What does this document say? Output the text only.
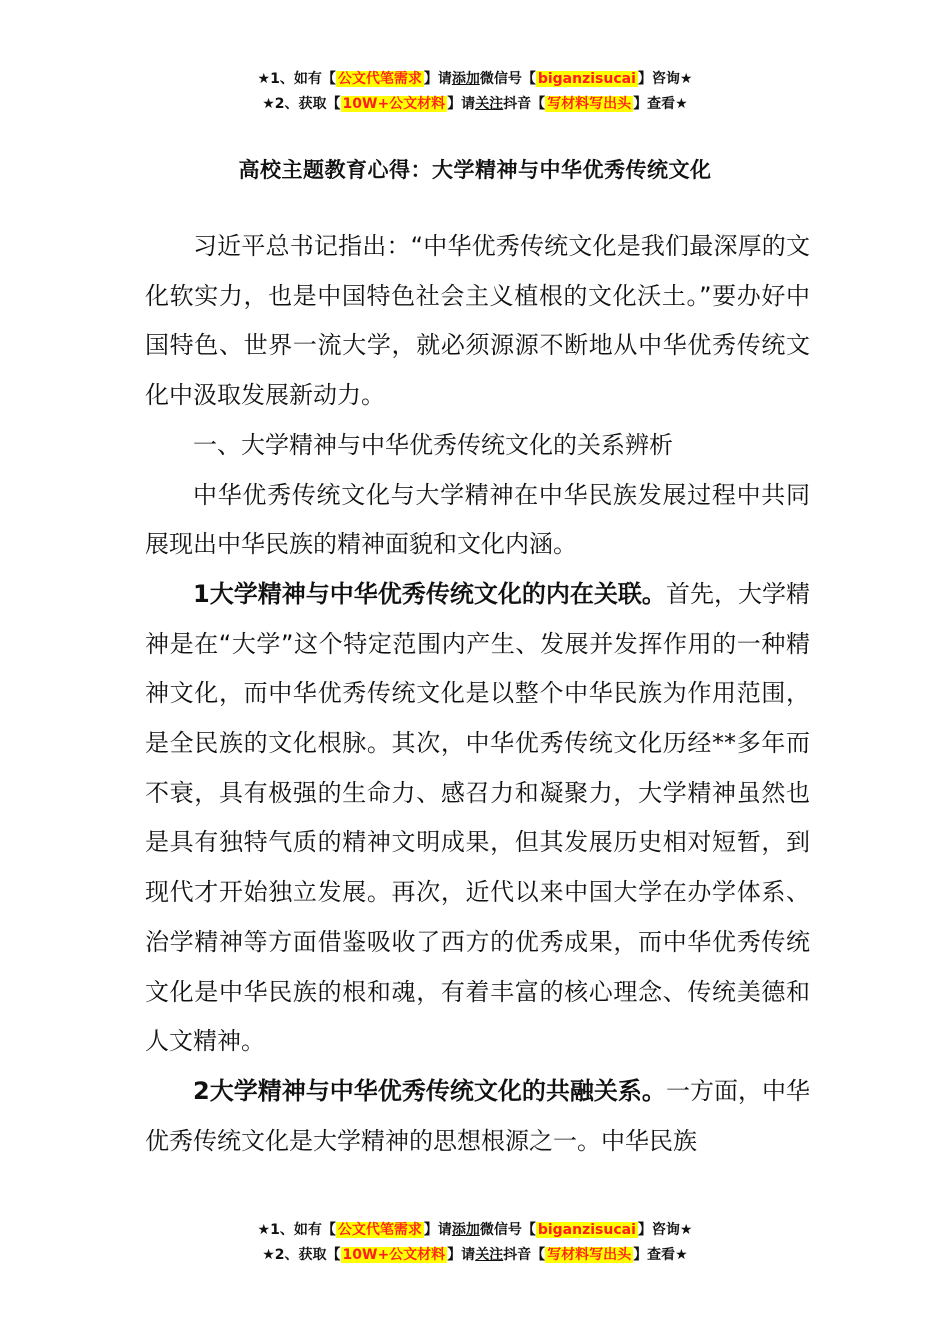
★1、如有【 公文代笔需求 】请添加微信号【 biganzisucai 】咨询★
★2、获取【 10W+公文材料 】请关注抖音【 写材料写出头 】查看★
高校主题教育心得：大学精神与中华优秀传统文化

习近平总书记指出：“中华优秀传统文化是我们最深厚的文化软实力，也是中国特色社会主义植根的文化沃土。”要办好中国特色、世界一流大学，就必须源源不断地从中华优秀传统文化中汲取发展新动力。

一、大学精神与中华优秀传统文化的关系辨析

中华优秀传统文化与大学精神在中华民族发展过程中共同展现出中华民族的精神面貌和文化内涵。

1大学精神与中华优秀传统文化的内在关联。首先，大学精神是在“大学”这个特定范围内产生、发展并发挥作用的一种精神文化，而中华优秀传统文化是以整个中华民族为作用范围，是全民族的文化根脉。其次，中华优秀传统文化历经**多年而不衰，具有极强的生命力、感召力和凝聚力，大学精神虽然也是具有独特气质的精神文明成果，但其发展历史相对短暂，到现代才开始独立发展。再次，近代以来中国大学在办学体系、治学精神等方面借鉴吸收了西方的优秀成果，而中华优秀传统文化是中华民族的根和魂，有着丰富的核心理念、传统美德和人文精神。

2大学精神与中华优秀传统文化的共融关系。一方面，中华优秀传统文化是大学精神的思想根源之一。中华民族

★1、如有【 公文代笔需求 】请添加微信号【 biganzisucai 】咨询★
★2、获取【 10W+公文材料 】请关注抖音【 写材料写出头 】查看★
